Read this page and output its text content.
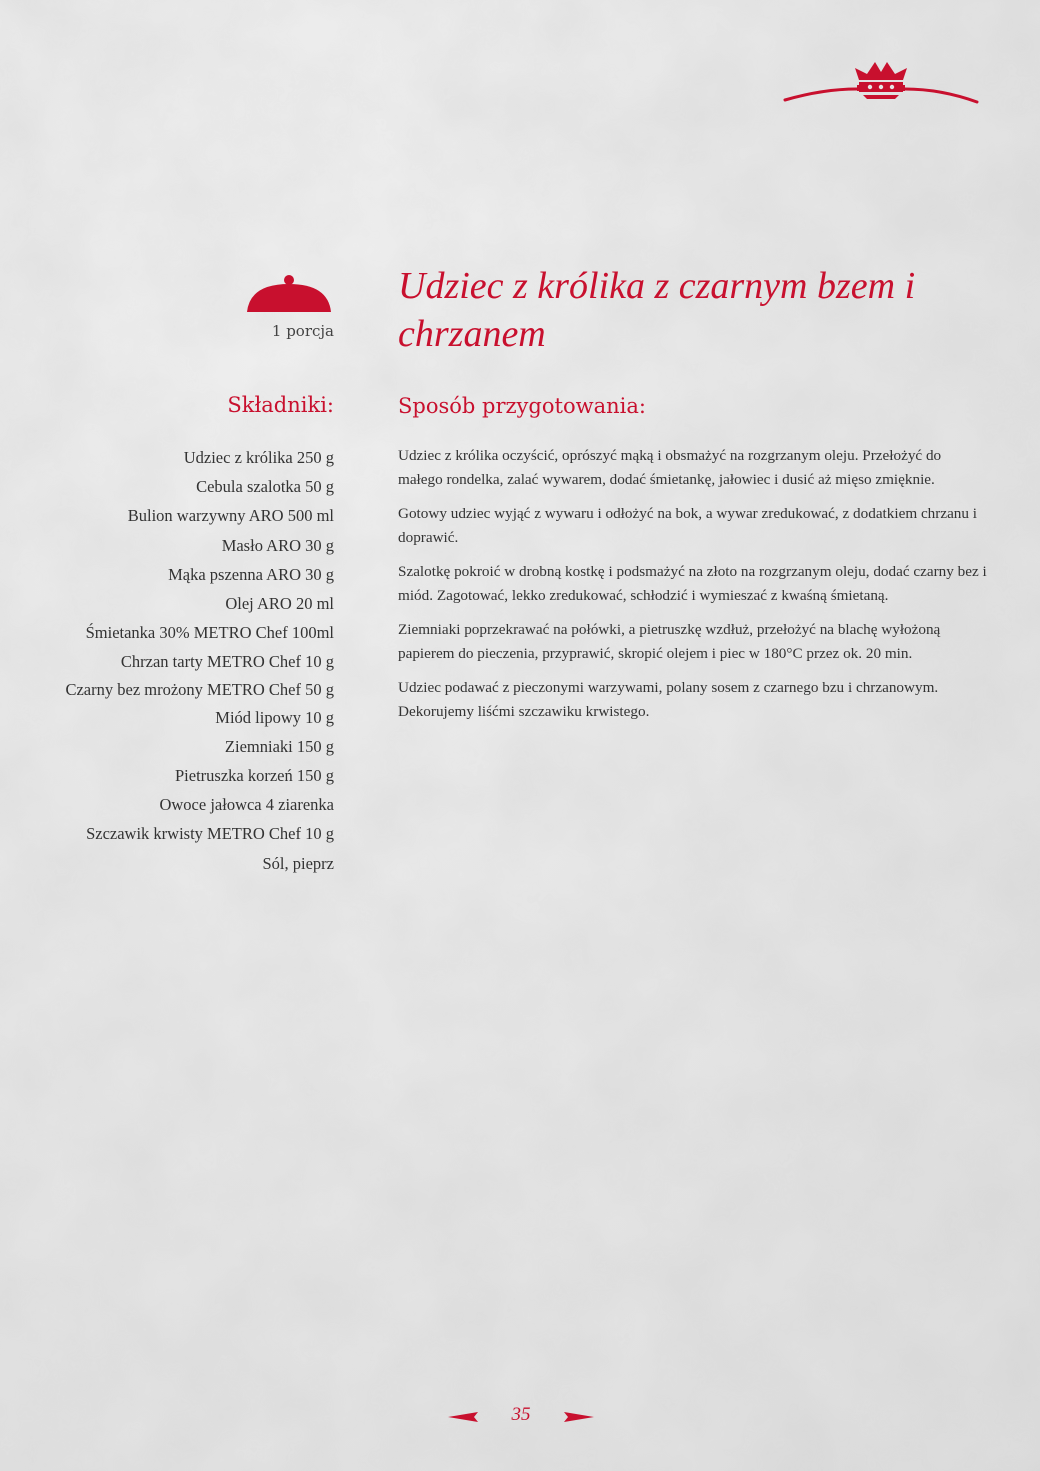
1 porcja
Udziec z królika z czarnym bzem i chrzanem
Składniki:
Udziec z królika 250 g
Cebula szalotka 50 g
Bulion warzywny ARO 500 ml
Masło ARO 30 g
Mąka pszenna ARO 30 g
Olej ARO 20 ml
Śmietanka 30% METRO Chef 100ml
Chrzan tarty METRO Chef 10 g
Czarny bez mrożony METRO Chef 50 g
Miód lipowy 10 g
Ziemniaki 150 g
Pietruszka korzeń 150 g
Owoce jałowca 4 ziarenka
Szczawik krwisty METRO Chef 10 g
Sól, pieprz
Sposób przygotowania:

Udziec z królika oczyścić, oprószyć mąką i obsmażyć na rozgrzanym oleju. Przełożyć do małego rondelka, zalać wywarem, dodać śmietankę, jałowiec i dusić aż mięso zmięknie.

Gotowy udziec wyjąć z wywaru i odłożyć na bok, a wywar zredukować, z dodatkiem chrzanu i doprawić.

Szalotkę pokroić w drobną kostkę i podsmażyć na złoto na rozgrzanym oleju, dodać czarny bez i miód. Zagotować, lekko zredukować, schłodzić i wymieszać z kwaśną śmietaną.

Ziemniaki poprzekrawać na połówki, a pietruszkę wzdłuż, przełożyć na blachę wyłożoną papierem do pieczenia, przyprawić, skropić olejem i piec w 180°C przez ok. 20 min.

Udziec podawać z pieczonymi warzywami, polany sosem z czarnego bzu i chrzanowym. Dekorujemy liśćmi szczawiku krwistego.

35
